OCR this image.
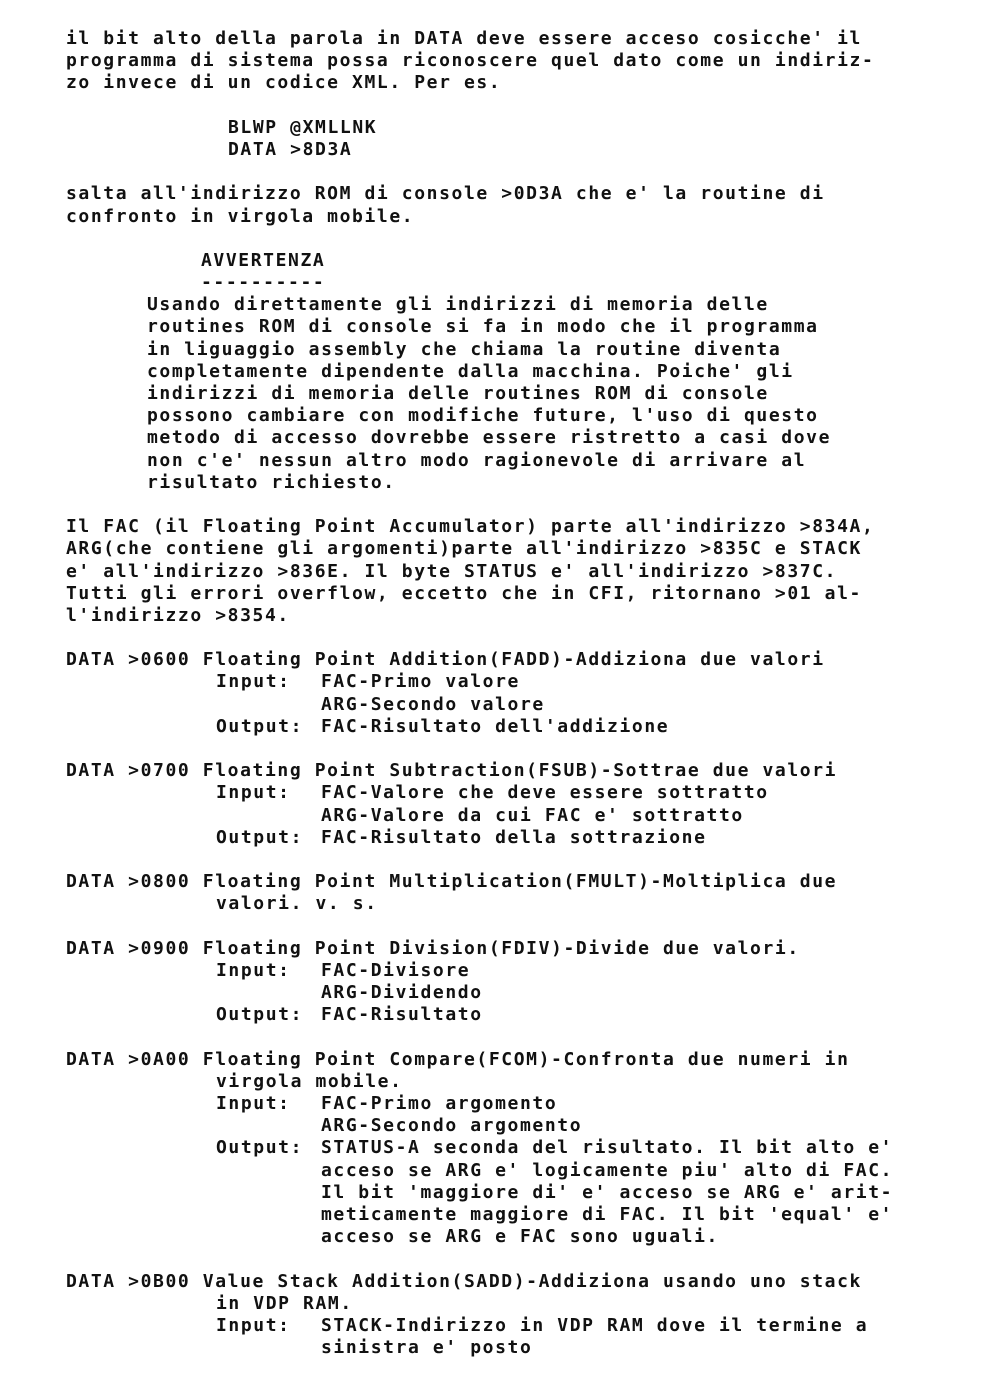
il bit alto della parola in DATA deve essere acceso cosicche' il
programma di sistema possa riconoscere quel dato come un indiriz-
zo invece di un codice XML. Per es.
BLWP @XMLLNK
DATA >8D3A
salta all'indirizzo ROM di console >0D3A che e' la routine di
confronto in virgola mobile.
AVVERTENZA
----------
Usando direttamente gli indirizzi di memoria delle
routines ROM di console si fa in modo che il programma
in liguaggio assembly che chiama la routine diventa
completamente dipendente dalla macchina. Poiche' gli
indirizzi di memoria delle routines ROM di console
possono cambiare con modifiche future, l'uso di questo
metodo di accesso dovrebbe essere ristretto a casi dove
non c'e' nessun altro modo ragionevole di arrivare al
risultato richiesto.
Il FAC (il Floating Point Accumulator) parte all'indirizzo >834A,
ARG(che contiene gli argomenti)parte all'indirizzo >835C e STACK
e' all'indirizzo >836E. Il byte STATUS e' all'indirizzo >837C.
Tutti gli errori overflow, eccetto che in CFI, ritornano >01 al-
l'indirizzo >8354.
DATA >0600 Floating Point Addition(FADD)-Addiziona due valori
Input: FAC-Primo valore
ARG-Secondo valore
Output: FAC-Risultato dell'addizione
DATA >0700 Floating Point Subtraction(FSUB)-Sottrae due valori
Input: FAC-Valore che deve essere sottratto
ARG-Valore da cui FAC e' sottratto
Output: FAC-Risultato della sottrazione
DATA >0800 Floating Point Multiplication(FMULT)-Moltiplica due
valori. v. s.
DATA >0900 Floating Point Division(FDIV)-Divide due valori.
Input: FAC-Divisore
ARG-Dividendo
Output: FAC-Risultato
DATA >0A00 Floating Point Compare(FCOM)-Confronta due numeri in
virgola mobile.
Input: FAC-Primo argomento
ARG-Secondo argomento
Output: STATUS-A seconda del risultato. Il bit alto e'
acceso se ARG e' logicamente piu' alto di FAC.
Il bit 'maggiore di' e' acceso se ARG e' arit-
meticamente maggiore di FAC. Il bit 'equal' e'
acceso se ARG e FAC sono uguali.
DATA >0B00 Value Stack Addition(SADD)-Addiziona usando uno stack
in VDP RAM.
Input: STACK-Indirizzo in VDP RAM dove il termine a
sinistra e' posto
